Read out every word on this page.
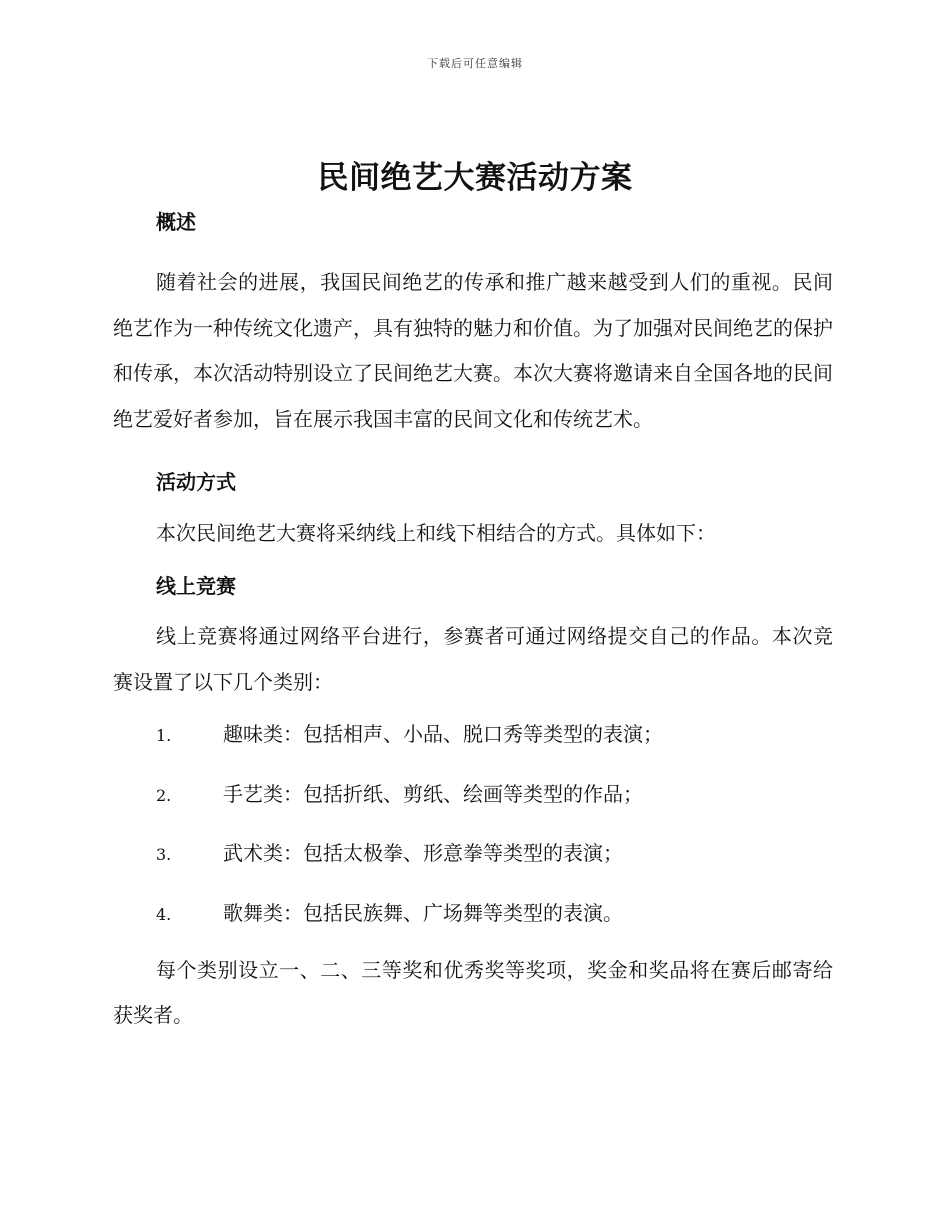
下载后可任意编辑
民间绝艺大赛活动方案
概述

随着社会的进展，我国民间绝艺的传承和推广越来越受到人们的重视。民间绝艺作为一种传统文化遗产，具有独特的魅力和价值。为了加强对民间绝艺的保护和传承，本次活动特别设立了民间绝艺大赛。本次大赛将邀请来自全国各地的民间绝艺爱好者参加，旨在展示我国丰富的民间文化和传统艺术。

活动方式

本次民间绝艺大赛将采纳线上和线下相结合的方式。具体如下：

线上竞赛

线上竞赛将通过网络平台进行，参赛者可通过网络提交自己的作品。本次竞赛设置了以下几个类别：

1.	趣味类：包括相声、小品、脱口秀等类型的表演；
2.	手艺类：包括折纸、剪纸、绘画等类型的作品；
3.	武术类：包括太极拳、形意拳等类型的表演；
4.	歌舞类：包括民族舞、广场舞等类型的表演。

每个类别设立一、二、三等奖和优秀奖等奖项，奖金和奖品将在赛后邮寄给获奖者。
